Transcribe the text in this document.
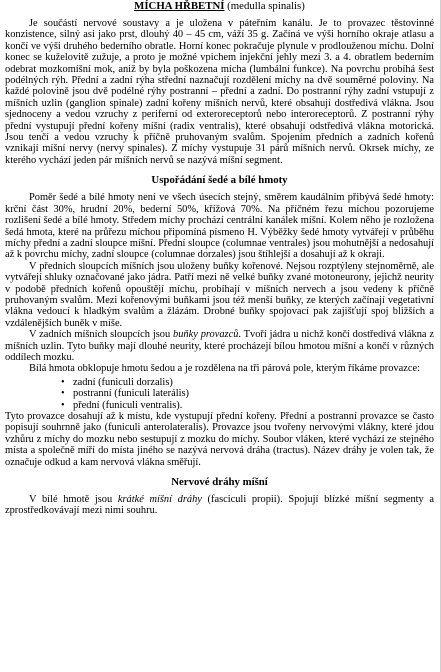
MÍCHA HŘBETNÍ (medulla spinalis)

Je součástí nervové soustavy a je uložena v páteřním kanálu. Je to provazec těstovinné konzistence, silný asi jako prst, dlouhý 40 – 45 cm, váží 35 g. Začíná ve výši horního okraje atlasu a končí ve výši druhého bederního obratle. Horní konec pokračuje plynule v prodlouženou míchu. Dolní konec se kuželovitě zužuje, a proto je možné vpichem injekční jehly mezi 3. a 4. obratlem bederním odebrat mozkomíšní mok, aniž by byla poškozena mícha (lumbální funkce). Na povrchu probíhá šest podélných rýh. Přední a zadní rýha střední naznačují rozdělení míchy na dvě souměrné poloviny. Na každé polovině jsou dvě podélné rýhy postranní – přední a zadní. Do postranní rýhy zadní vstupují z míšních uzlin (ganglion spinale) zadní kořeny míšních nervů, které obsahují dostředivá vlákna. Jsou sjednoceny a vedou vzruchy z periferní od exteroreceptorů nebo interoreceptorů. Z postranní rýhy přední vystupují přední kořeny míšní (radix ventralis), které obsahují odstředivá vlákna motorická. Jsou tenčí a vedou vzruchy k příčně pruhovaným svalům. Spojením předních a zadních kořenů vznikají míšní nervy (nervy spinales). Z míchy vystupuje 31 párů míšních nervů. Okrsek míchy, ze kterého vychází jeden pár míšních nervů se nazývá míšní segment.

Uspořádání šedé a bílé hmoty

Poměr šedé a bílé hmoty není ve všech úsecích stejný, směrem kaudálním přibývá šedé hmoty: krční část 30%, hrudní 20%, bederní 50%, křížová 70%. Na příčném řezu míchou pozorujeme rozlišení šedé a bílé hmoty. Středem míchy prochází centrální kanálek míšní. Kolem něho je rozložena šedá hmota, které na průřezu míchou připomíná písmeno H. Výběžky šedé hmoty vytvářejí v průběhu míchy přední a zadní sloupce míšní. Přední sloupce (columnae ventrales) jsou mohutnější a nedosahují až k povrchu míchy, zadní sloupce (columnae dorzales) jsou štíhlejší a dosahují až k okraji.

V předních sloupcích míšních jsou uloženy buňky kořenové. Nejsou rozptýleny stejnoměrně, ale vytvářejí shluky označované jako jádra. Patří mezi ně velké buňky zvané motoneurony, jejichž neurity v podobě předních kořenů opouštějí míchu, probíhají v míšních nervech a jsou vedeny k příčně pruhovaným svalům. Mezi kořenovými buňkami jsou též menší buňky, ze kterých začínají vegetativní vlákna vedoucí k hladkým svalům a žlázám. Drobné buňky spojovací pak zajišťují spoj bližších a vzdálenějších buněk v míše.

V zadních míšních sloupcích jsou buňky provazců. Tvoří jádra u nichž končí dostředivá vlákna z míšních uzlin. Tyto buňky mají dlouhé neurity, které procházejí bílou hmotou míšní a končí v různých oddílech mozku.

Bílá hmota obklopuje hmotu šedou a je rozdělena na tři párová pole, kterým říkáme provazce:

• zadní (funiculi dorzalis)
• postranní (funiculi laterális)
• přední (funiculi ventralis).

Tyto provazce dosahují až k místu, kde vystupují přední kořeny. Přední a postranní provazce se často popisují souhrnně jako (funiculi anterolateralis). Provazce jsou tvořeny nervovými vlákny, které jdou vzhůru z míchy do mozku nebo sestupují z mozku do míchy. Soubor vláken, které vychází ze stejného místa a společně míří do místa jiného se nazývá nervová dráha (tractus). Název dráhy je volen tak, že označuje odkud a kam nervová vlákna směřují.

Nervové dráhy míšní

V bílé hmotě jsou krátké míšní dráhy (fasciculi propii). Spojují blízké míšní segmenty a zprostředkovávají mezi nimi souhru.
